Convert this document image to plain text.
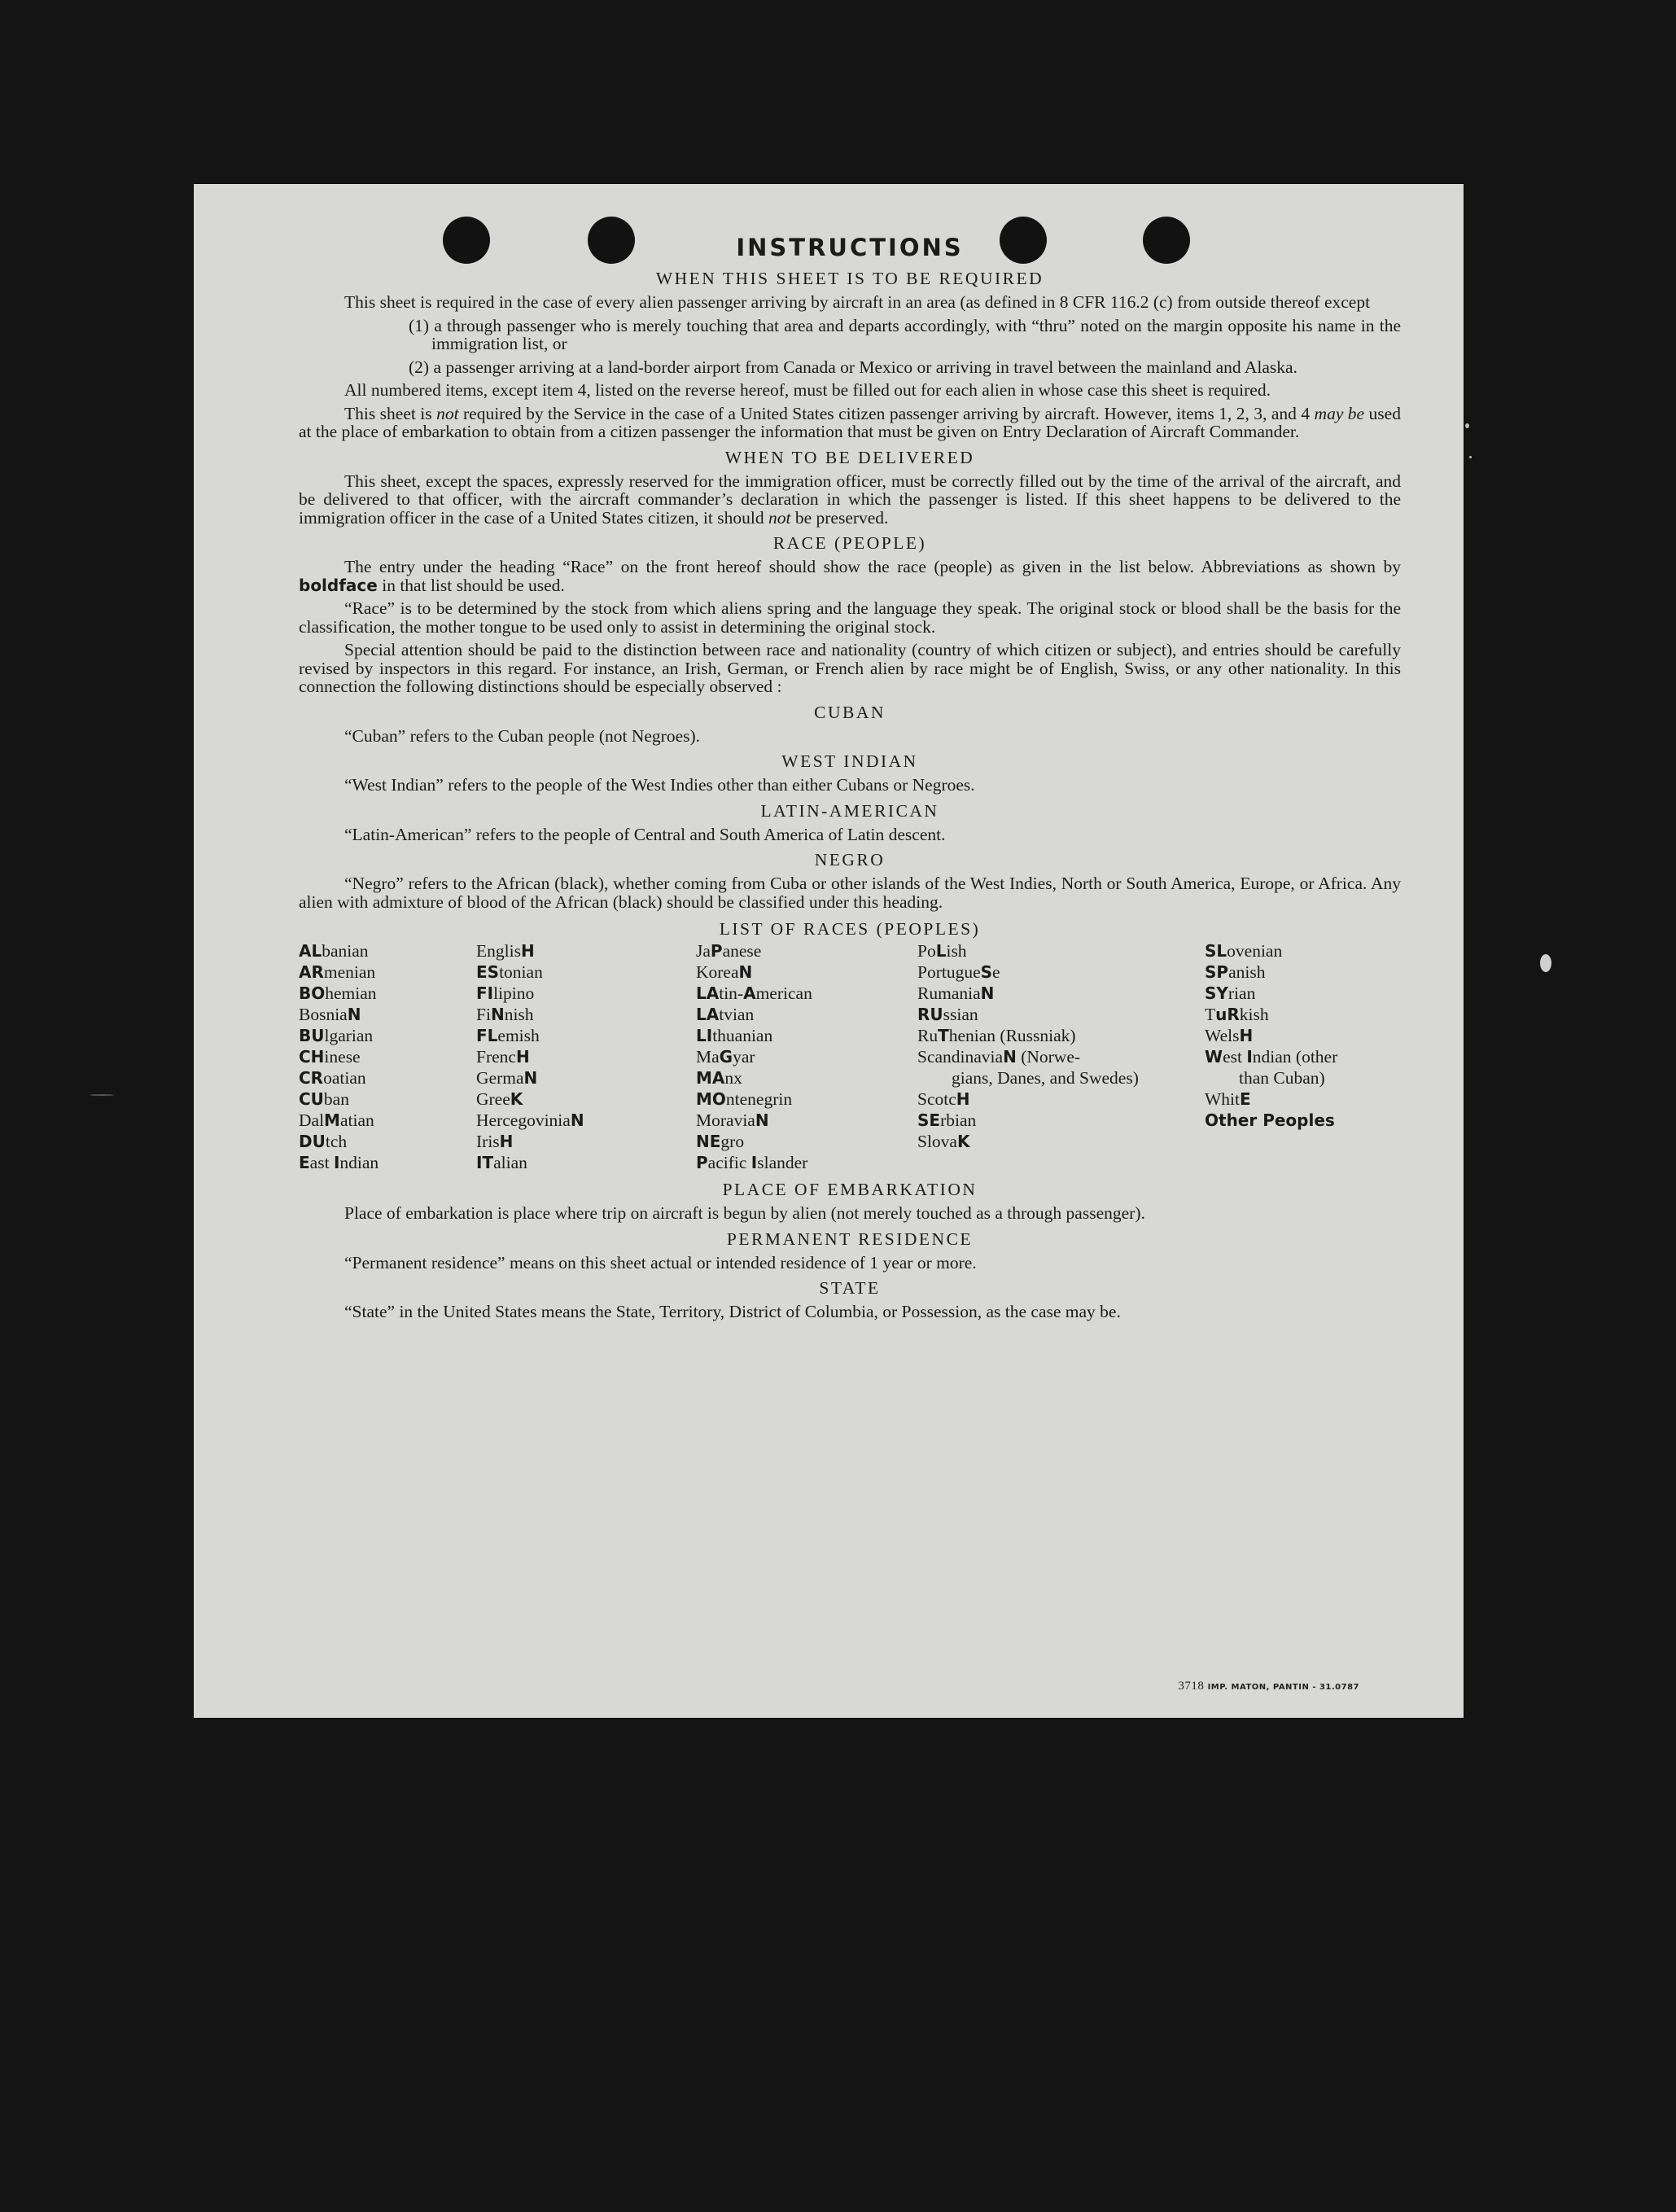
INSTRUCTIONS
WHEN THIS SHEET IS TO BE REQUIRED

This sheet is required in the case of every alien passenger arriving by aircraft in an area (as defined in 8 CFR 116.2 (c) from outside thereof except

(1) a through passenger who is merely touching that area and departs accordingly, with “thru” noted on the margin opposite his name in the immigration list, or

(2) a passenger arriving at a land-border airport from Canada or Mexico or arriving in travel between the mainland and Alaska.

All numbered items, except item 4, listed on the reverse hereof, must be filled out for each alien in whose case this sheet is required.

This sheet is not required by the Service in the case of a United States citizen passenger arriving by aircraft. However, items 1, 2, 3, and 4 may be used at the place of embarkation to obtain from a citizen passenger the information that must be given on Entry Declaration of Aircraft Commander.

WHEN TO BE DELIVERED

This sheet, except the spaces, expressly reserved for the immigration officer, must be correctly filled out by the time of the arrival of the aircraft, and be delivered to that officer, with the aircraft commander’s declaration in which the passenger is listed. If this sheet happens to be delivered to the immigration officer in the case of a United States citizen, it should not be preserved.

RACE (PEOPLE)

The entry under the heading “Race” on the front hereof should show the race (people) as given in the list below. Abbreviations as shown by boldface in that list should be used.

“Race” is to be determined by the stock from which aliens spring and the language they speak. The original stock or blood shall be the basis for the classification, the mother tongue to be used only to assist in determining the original stock.

Special attention should be paid to the distinction between race and nationality (country of which citizen or subject), and entries should be carefully revised by inspectors in this regard. For instance, an Irish, German, or French alien by race might be of English, Swiss, or any other nationality. In this connection the following distinctions should be especially observed :

CUBAN

“Cuban” refers to the Cuban people (not Negroes).

WEST INDIAN

“West Indian” refers to the people of the West Indies other than either Cubans or Negroes.

LATIN-AMERICAN

“Latin-American” refers to the people of Central and South America of Latin descent.

NEGRO

“Negro” refers to the African (black), whether coming from Cuba or other islands of the West Indies, North or South America, Europe, or Africa. Any alien with admixture of blood of the African (black) should be classified under this heading.

LIST OF RACES (PEOPLES)
ALbanian
ARmenian
BOhemian
BosniaN
BUlgarian
CHinese
CRoatian
CUban
DalMatian
DUtch
East Indian
EnglisH
EStonian
FIlipino
FiNnish
FLemish
FrencH
GermaN
GreeK
HercegoviniaN
IrisH
ITalian
JaPanese
KoreaN
LAtin-American
LAtvian
LIthuanian
MaGyar
MAnx
MOntenegrin
MoraviaN
NEgro
Pacific Islander
PoLish
PortugueSe
RumaniaN
RUssian
RuThenian (Russniak)
ScandinaviaN (Norwe-
gians, Danes, and Swedes)
ScotcH
SErbian
SlovaK
SLovenian
SPanish
SYrian
TuRkish
WelsH
West Indian (other
than Cuban)
WhitE
Other Peoples
PLACE OF EMBARKATION

Place of embarkation is place where trip on aircraft is begun by alien (not merely touched as a through passenger).

PERMANENT RESIDENCE

“Permanent residence” means on this sheet actual or intended residence of 1 year or more.

STATE

“State” in the United States means the State, Territory, District of Columbia, or Possession, as the case may be.

3718 IMP. MATON, PANTIN - 31.0787
